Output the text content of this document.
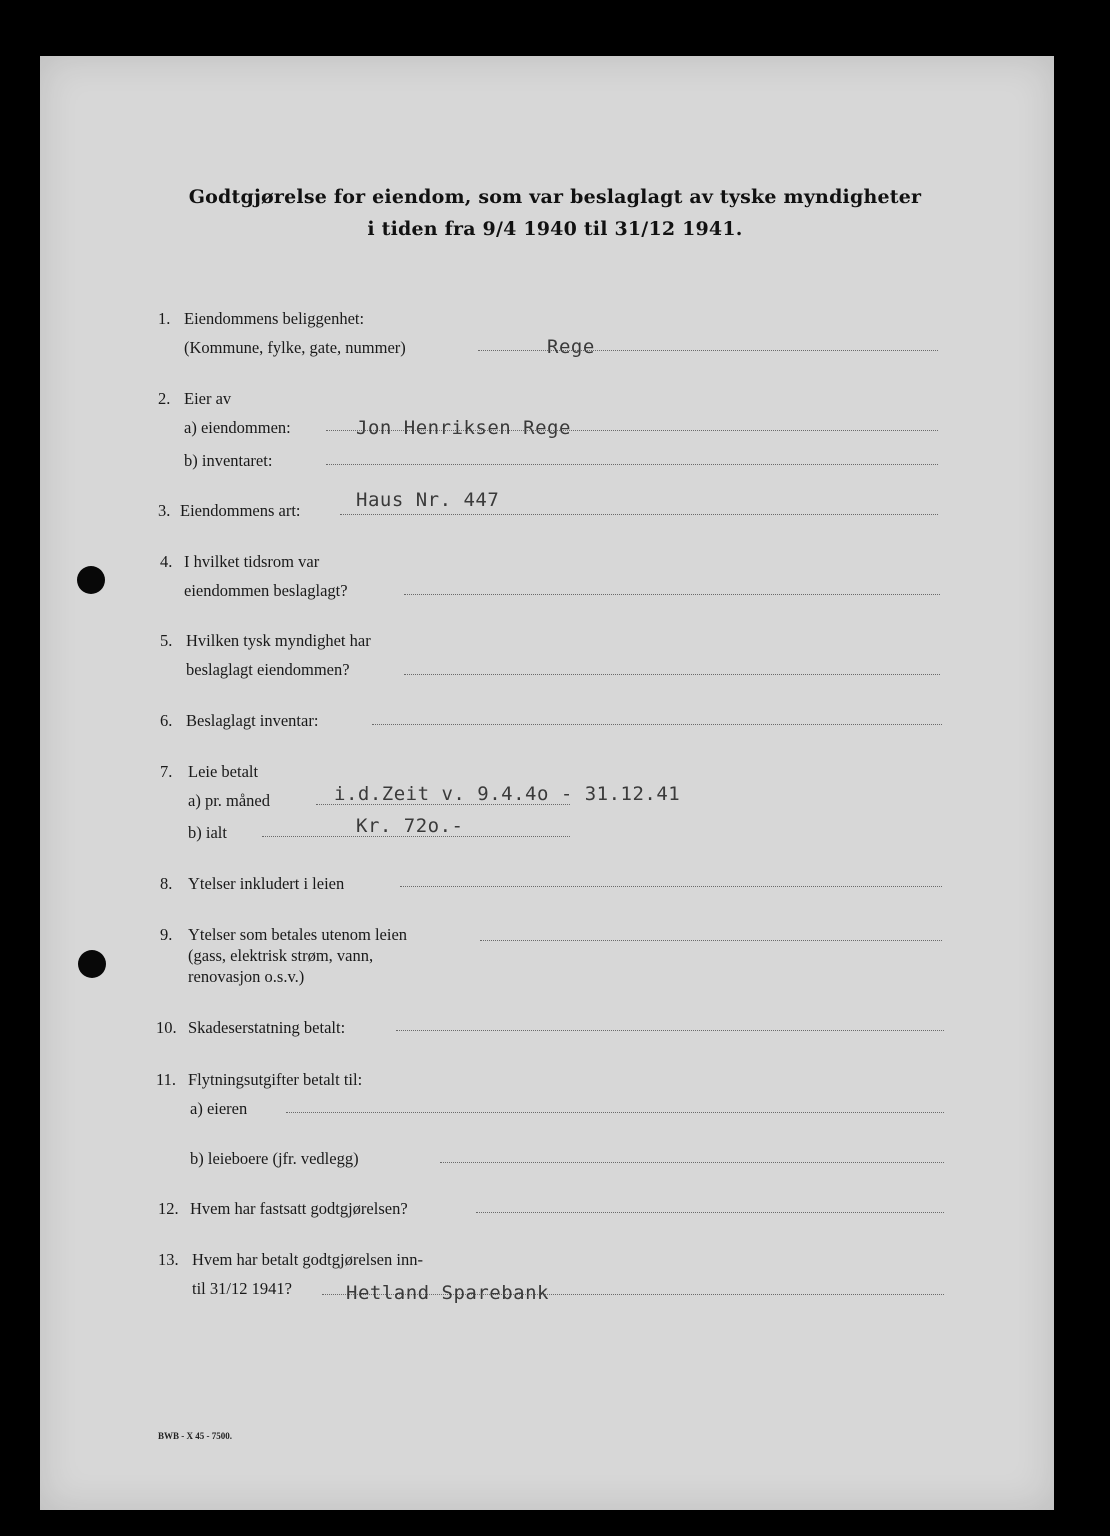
Godtgjørelse for eiendom, som var beslaglagt av tyske myndigheter
i tiden fra 9/4 1940 til 31/12 1941.
1. Eiendommens beliggenhet:
(Kommune, fylke, gate, nummer)	Rege
2. Eier av
a) eiendommen:	Jon Henriksen Rege
b) inventaret:
3. Eiendommens art:	Haus Nr. 447
4. I hvilket tidsrom var
eiendommen beslaglagt?
5. Hvilken tysk myndighet har
beslaglagt eiendommen?
6. Beslaglagt inventar:
7. Leie betalt
a) pr. måned	i.d.Zeit v. 9.4.4o - 31.12.41
b) ialt	Kr. 72o.-
8. Ytelser inkludert i leien
9. Ytelser som betales utenom leien
(gass, elektrisk strøm, vann,
renovasjon o.s.v.)
10. Skadeserstatning betalt:
11. Flytningsutgifter betalt til:
a) eieren
b) leieboere (jfr. vedlegg)
12. Hvem har fastsatt godtgjørelsen?
13. Hvem har betalt godtgjørelsen inn-
til 31/12 1941?	Hetland Sparebank
BWB - X 45 - 7500.
